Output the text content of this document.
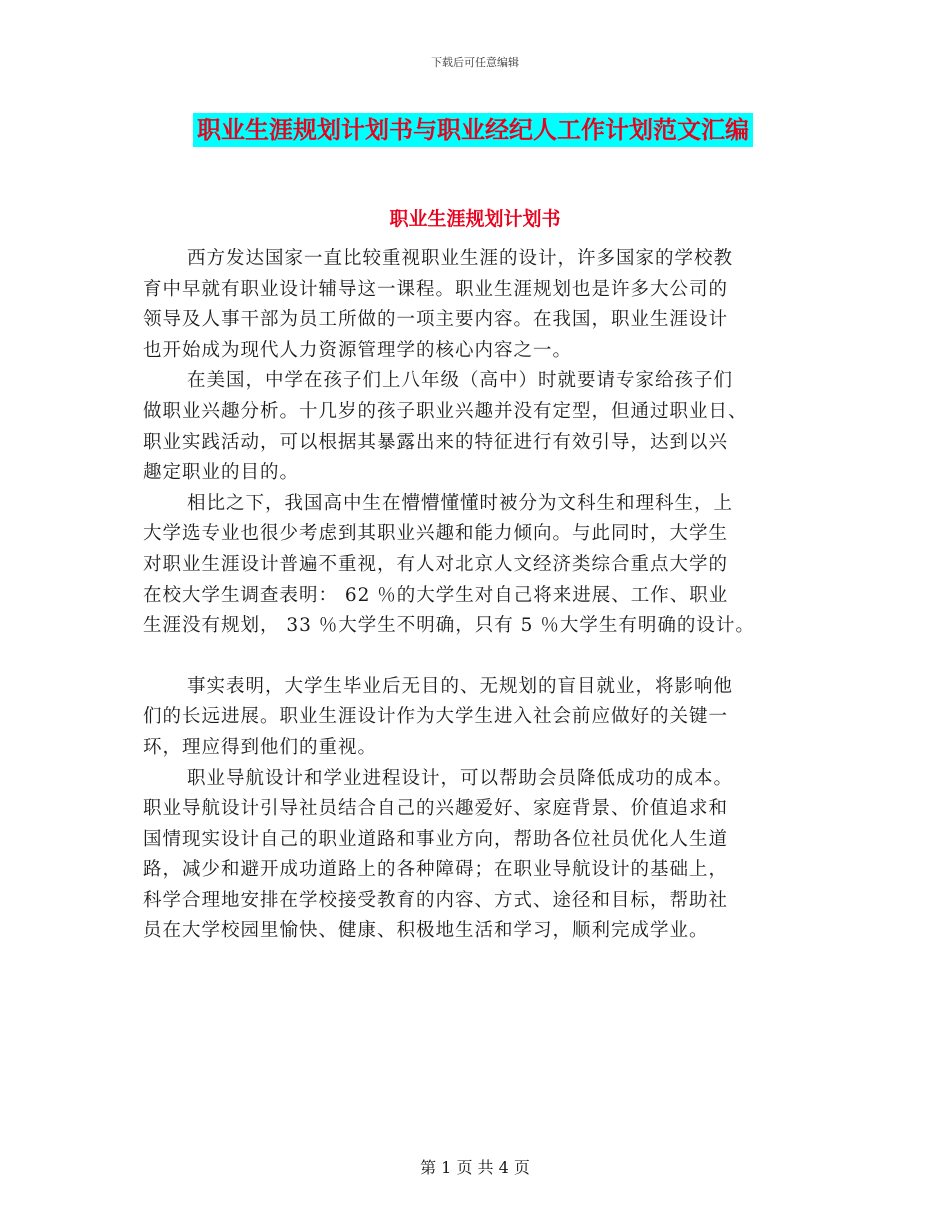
下载后可任意编辑
职业生涯规划计划书与职业经纪人工作计划范文汇编
职业生涯规划计划书
西方发达国家一直比较重视职业生涯的设计，许多国家的学校教
育中早就有职业设计辅导这一课程。职业生涯规划也是许多大公司的
领导及人事干部为员工所做的一项主要内容。在我国，职业生涯设计
也开始成为现代人力资源管理学的核心内容之一。
在美国，中学在孩子们上八年级（高中）时就要请专家给孩子们
做职业兴趣分析。十几岁的孩子职业兴趣并没有定型，但通过职业日、
职业实践活动，可以根据其暴露出来的特征进行有效引导，达到以兴
趣定职业的目的。
相比之下，我国高中生在懵懵懂懂时被分为文科生和理科生，上
大学选专业也很少考虑到其职业兴趣和能力倾向。与此同时，大学生
对职业生涯设计普遍不重视，有人对北京人文经济类综合重点大学的
在校大学生调查表明： 62 ％的大学生对自己将来进展、工作、职业
生涯没有规划， 33 ％大学生不明确，只有 5 ％大学生有明确的设计。
事实表明，大学生毕业后无目的、无规划的盲目就业，将影响他
们的长远进展。职业生涯设计作为大学生进入社会前应做好的关键一
环，理应得到他们的重视。
职业导航设计和学业进程设计，可以帮助会员降低成功的成本。
职业导航设计引导社员结合自己的兴趣爱好、家庭背景、价值追求和
国情现实设计自己的职业道路和事业方向，帮助各位社员优化人生道
路，减少和避开成功道路上的各种障碍；在职业导航设计的基础上，
科学合理地安排在学校接受教育的内容、方式、途径和目标，帮助社
员在大学校园里愉快、健康、积极地生活和学习，顺利完成学业。
第 1 页 共 4 页
